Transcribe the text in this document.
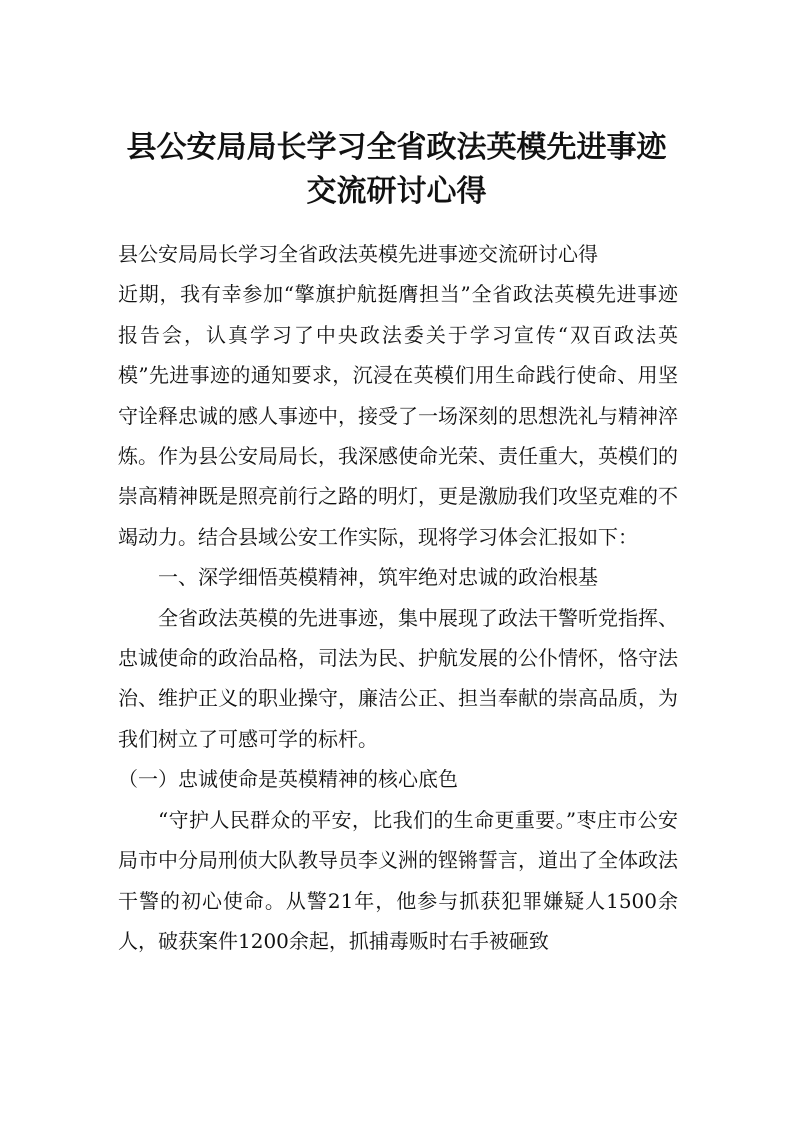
县公安局局长学习全省政法英模先进事迹
交流研讨心得

县公安局局长学习全省政法英模先进事迹交流研讨心得

近期，我有幸参加“擎旗护航挺膺担当”全省政法英模先进事迹报告会，认真学习了中央政法委关于学习宣传“双百政法英模”先进事迹的通知要求，沉浸在英模们用生命践行使命、用坚守诠释忠诚的感人事迹中，接受了一场深刻的思想洗礼与精神淬炼。作为县公安局局长，我深感使命光荣、责任重大，英模们的崇高精神既是照亮前行之路的明灯，更是激励我们攻坚克难的不竭动力。结合县域公安工作实际，现将学习体会汇报如下：

一、深学细悟英模精神，筑牢绝对忠诚的政治根基

全省政法英模的先进事迹，集中展现了政法干警听党指挥、忠诚使命的政治品格，司法为民、护航发展的公仆情怀，恪守法治、维护正义的职业操守，廉洁公正、担当奉献的崇高品质，为我们树立了可感可学的标杆。

（一）忠诚使命是英模精神的核心底色

“守护人民群众的平安，比我们的生命更重要。”枣庄市公安局市中分局刑侦大队教导员李义洲的铿锵誓言，道出了全体政法干警的初心使命。从警21年，他参与抓获犯罪嫌疑人1500余人，破获案件1200余起，抓捕毒贩时右手被砸致
